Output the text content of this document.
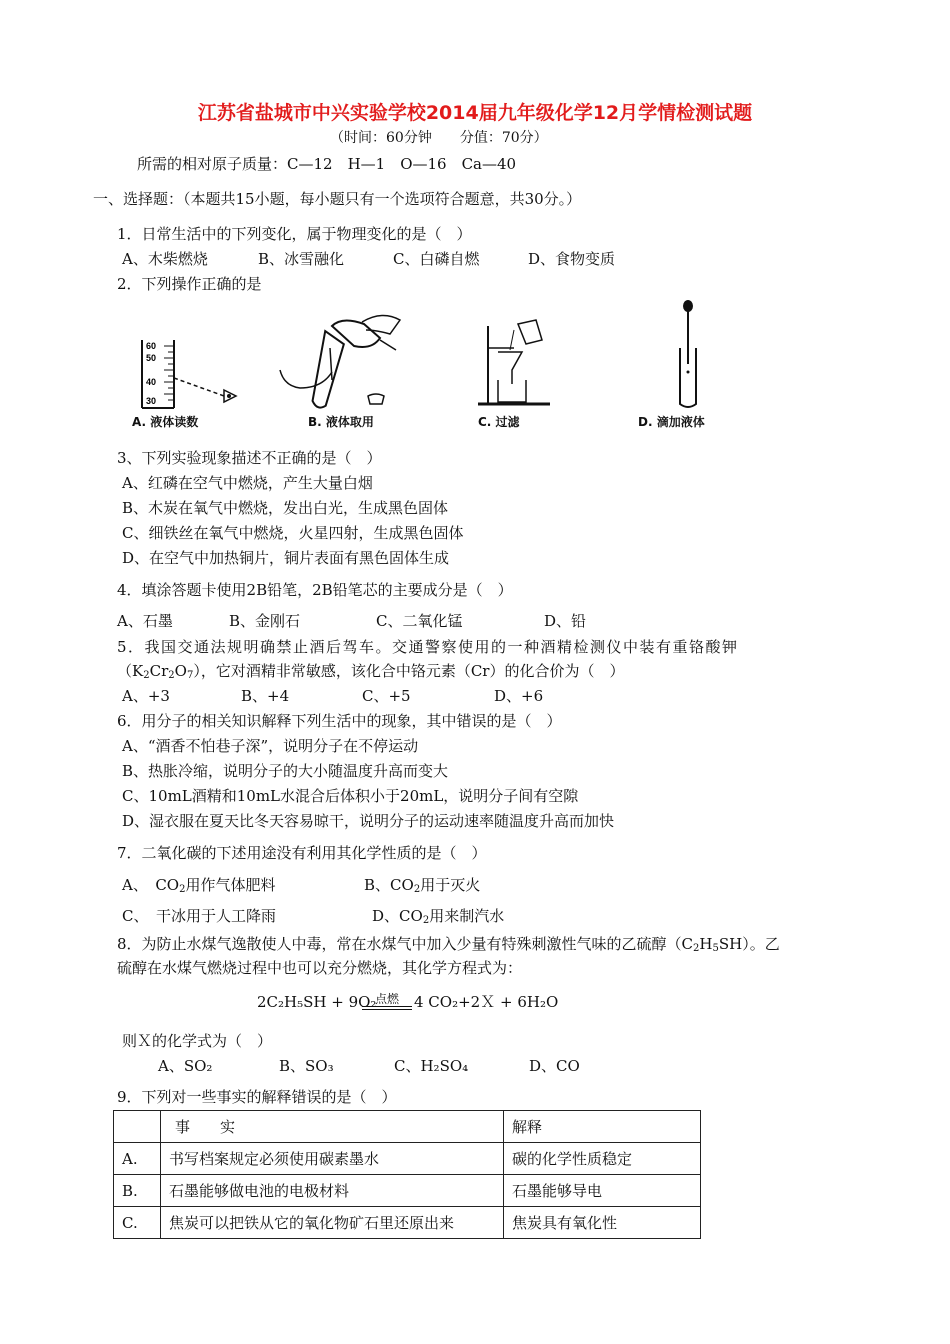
江苏省盐城市中兴实验学校2014届九年级化学12月学情检测试题
（时间：60分钟　　分值：70分）
所需的相对原子质量：C—12　H—1　O—16　Ca—40
一、选择题：（本题共15小题，每小题只有一个选项符合题意，共30分。）
1．日常生活中的下列变化，属于物理变化的是（　）
A、木柴燃烧	B、冰雪融化	C、白磷自燃	D、食物变质
2．下列操作正确的是
60
50
40
30
A. 液体读数	B. 液体取用	C. 过滤	D. 滴加液体
3、下列实验现象描述不正确的是（　）
A、红磷在空气中燃烧，产生大量白烟
B、木炭在氧气中燃烧，发出白光，生成黑色固体
C、细铁丝在氧气中燃烧，火星四射，生成黑色固体
D、在空气中加热铜片，铜片表面有黑色固体生成
4．填涂答题卡使用2B铅笔，2B铅笔芯的主要成分是（　）
A、石墨	B、金刚石	C、二氧化锰	D、铅
5．我国交通法规明确禁止酒后驾车。交通警察使用的一种酒精检测仪中装有重铬酸钾
$(K_2Cr_2O_7)$，它对酒精非常敏感，该化合中铬元素（Cr）的化合价为（　）
A、+3	B、+4	C、+5	D、+6
6．用分子的相关知识解释下列生活中的现象，其中错误的是（　）
A、“酒香不怕巷子深”，说明分子在不停运动
B、热胀冷缩，说明分子的大小随温度升高而变大
C、10mL酒精和10mL水混合后体积小于20mL，说明分子间有空隙
D、湿衣服在夏天比冬天容易晾干，说明分子的运动速率随温度升高而加快
7．二氧化碳的下述用途没有利用其化学性质的是（　）
A、　$CO_2$用作气体肥料	B、$CO_2$用于灭火
C、　干冰用于人工降雨	D、$CO_2$用来制汽水
8．为防止水煤气逸散使人中毒，常在水煤气中加入少量有特殊刺激性气味的乙硫醇$(C_2H_5SH)$。乙
硫醇在水煤气燃烧过程中也可以充分燃烧，其化学方程式为：
2C₂H₅SH + 9O₂
点燃	4 CO₂+2Ｘ + 6H₂O
则Ｘ的化学式为（　）
A、SO₂	B、SO₃	C、H₂SO₄	D、CO
9．下列对一些事实的解释错误的是（　）
	事　　实	解释
A.	书写档案规定必须使用碳素墨水	碳的化学性质稳定
B.	石墨能够做电池的电极材料	石墨能够导电
C.	焦炭可以把铁从它的氧化物矿石里还原出来	焦炭具有氧化性
